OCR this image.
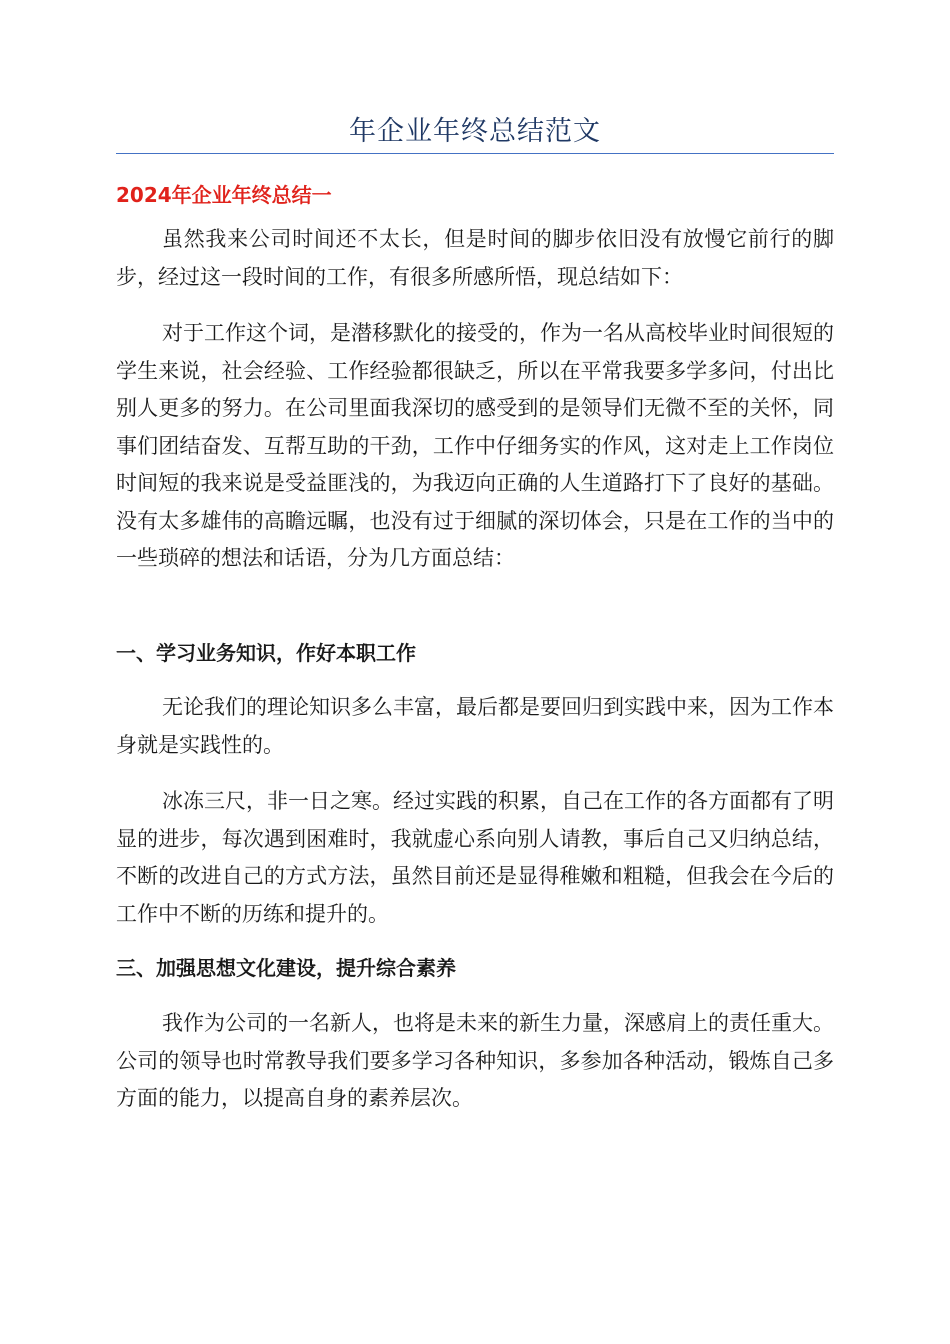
年企业年终总结范文
2024年企业年终总结一

虽然我来公司时间还不太长，但是时间的脚步依旧没有放慢它前行的脚步，经过这一段时间的工作，有很多所感所悟，现总结如下：

对于工作这个词，是潜移默化的接受的，作为一名从高校毕业时间很短的学生来说，社会经验、工作经验都很缺乏，所以在平常我要多学多问，付出比别人更多的努力。在公司里面我深切的感受到的是领导们无微不至的关怀，同事们团结奋发、互帮互助的干劲，工作中仔细务实的作风，这对走上工作岗位时间短的我来说是受益匪浅的，为我迈向正确的人生道路打下了良好的基础。没有太多雄伟的高瞻远瞩，也没有过于细腻的深切体会，只是在工作的当中的一些琐碎的想法和话语，分为几方面总结：

一、学习业务知识，作好本职工作

无论我们的理论知识多么丰富，最后都是要回归到实践中来，因为工作本身就是实践性的。

冰冻三尺，非一日之寒。经过实践的积累，自己在工作的各方面都有了明显的进步，每次遇到困难时，我就虚心系向别人请教，事后自己又归纳总结，不断的改进自己的方式方法，虽然目前还是显得稚嫩和粗糙，但我会在今后的工作中不断的历练和提升的。

三、加强思想文化建设，提升综合素养

我作为公司的一名新人，也将是未来的新生力量，深感肩上的责任重大。公司的领导也时常教导我们要多学习各种知识，多参加各种活动，锻炼自己多方面的能力，以提高自身的素养层次。
